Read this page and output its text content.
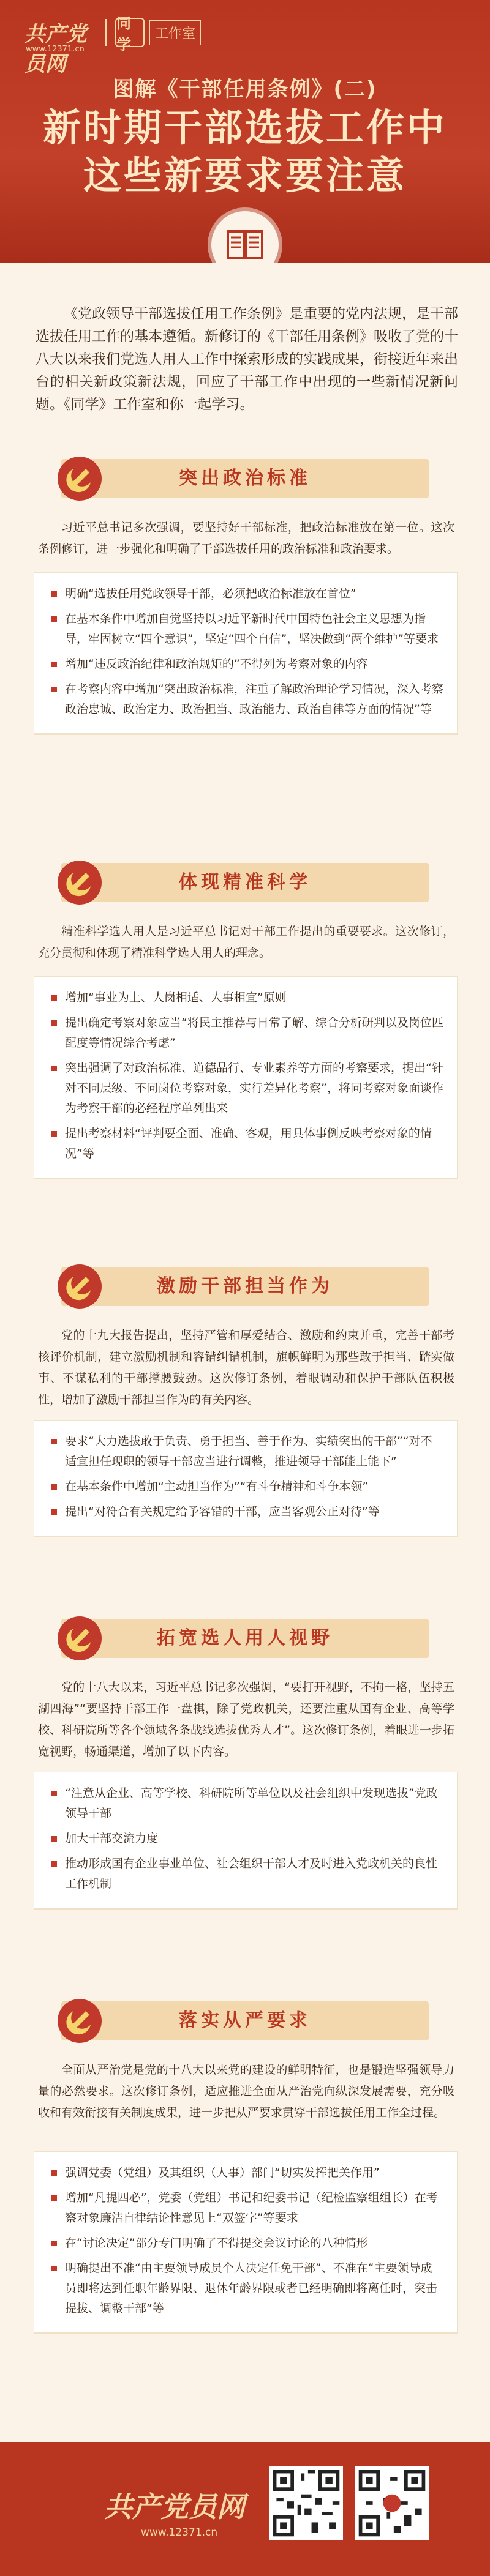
共产党员网
www.12371.cn
同学
工作室
图解《干部任用条例》(二)
新时期干部选拔工作中
这些新要求要注意
《党政领导干部选拔任用工作条例》是重要的党内法规，是干部选拔任用工作的基本遵循。新修订的《干部任用条例》吸收了党的十八大以来我们党选人用人工作中探索形成的实践成果，衔接近年来出台的相关新政策新法规，回应了干部工作中出现的一些新情况新问题。《同学》工作室和你一起学习。
突出政治标准
习近平总书记多次强调，要坚持好干部标准，把政治标准放在第一位。这次条例修订，进一步强化和明确了干部选拔任用的政治标准和政治要求。
明确“选拔任用党政领导干部，必须把政治标准放在首位”
在基本条件中增加自觉坚持以习近平新时代中国特色社会主义思想为指导，牢固树立“四个意识”，坚定“四个自信”，坚决做到“两个维护”等要求
增加“违反政治纪律和政治规矩的”不得列为考察对象的内容
在考察内容中增加“突出政治标准，注重了解政治理论学习情况，深入考察政治忠诚、政治定力、政治担当、政治能力、政治自律等方面的情况”等
体现精准科学
精准科学选人用人是习近平总书记对干部工作提出的重要要求。这次修订，充分贯彻和体现了精准科学选人用人的理念。
增加“事业为上、人岗相适、人事相宜”原则
提出确定考察对象应当“将民主推荐与日常了解、综合分析研判以及岗位匹配度等情况综合考虑”
突出强调了对政治标准、道德品行、专业素养等方面的考察要求，提出“针对不同层级、不同岗位考察对象，实行差异化考察”，将同考察对象面谈作为考察干部的必经程序单列出来
提出考察材料“评判要全面、准确、客观，用具体事例反映考察对象的情况”等
激励干部担当作为
党的十九大报告提出，坚持严管和厚爱结合、激励和约束并重，完善干部考核评价机制，建立激励机制和容错纠错机制，旗帜鲜明为那些敢于担当、踏实做事、不谋私利的干部撑腰鼓劲。这次修订条例，着眼调动和保护干部队伍积极性，增加了激励干部担当作为的有关内容。
要求“大力选拔敢于负责、勇于担当、善于作为、实绩突出的干部”“对不适宜担任现职的领导干部应当进行调整，推进领导干部能上能下”
在基本条件中增加“主动担当作为”“有斗争精神和斗争本领”
提出“对符合有关规定给予容错的干部，应当客观公正对待”等
拓宽选人用人视野
党的十八大以来，习近平总书记多次强调，“要打开视野，不拘一格，坚持五湖四海”“要坚持干部工作一盘棋，除了党政机关，还要注重从国有企业、高等学校、科研院所等各个领域各条战线选拔优秀人才”。这次修订条例，着眼进一步拓宽视野，畅通渠道，增加了以下内容。
“注意从企业、高等学校、科研院所等单位以及社会组织中发现选拔”党政领导干部
加大干部交流力度
推动形成国有企业事业单位、社会组织干部人才及时进入党政机关的良性工作机制
落实从严要求
全面从严治党是党的十八大以来党的建设的鲜明特征，也是锻造坚强领导力量的必然要求。这次修订条例，适应推进全面从严治党向纵深发展需要，充分吸收和有效衔接有关制度成果，进一步把从严要求贯穿干部选拔任用工作全过程。
强调党委（党组）及其组织（人事）部门“切实发挥把关作用”
增加“凡提四必”，党委（党组）书记和纪委书记（纪检监察组组长）在考察对象廉洁自律结论性意见上“双签字”等要求
在“讨论决定”部分专门明确了不得提交会议讨论的八种情形
明确提出不准“由主要领导成员个人决定任免干部”、不准在“主要领导成员即将达到任职年龄界限、退休年龄界限或者已经明确即将离任时，突击提拔、调整干部”等
共产党员网
www.12371.cn
